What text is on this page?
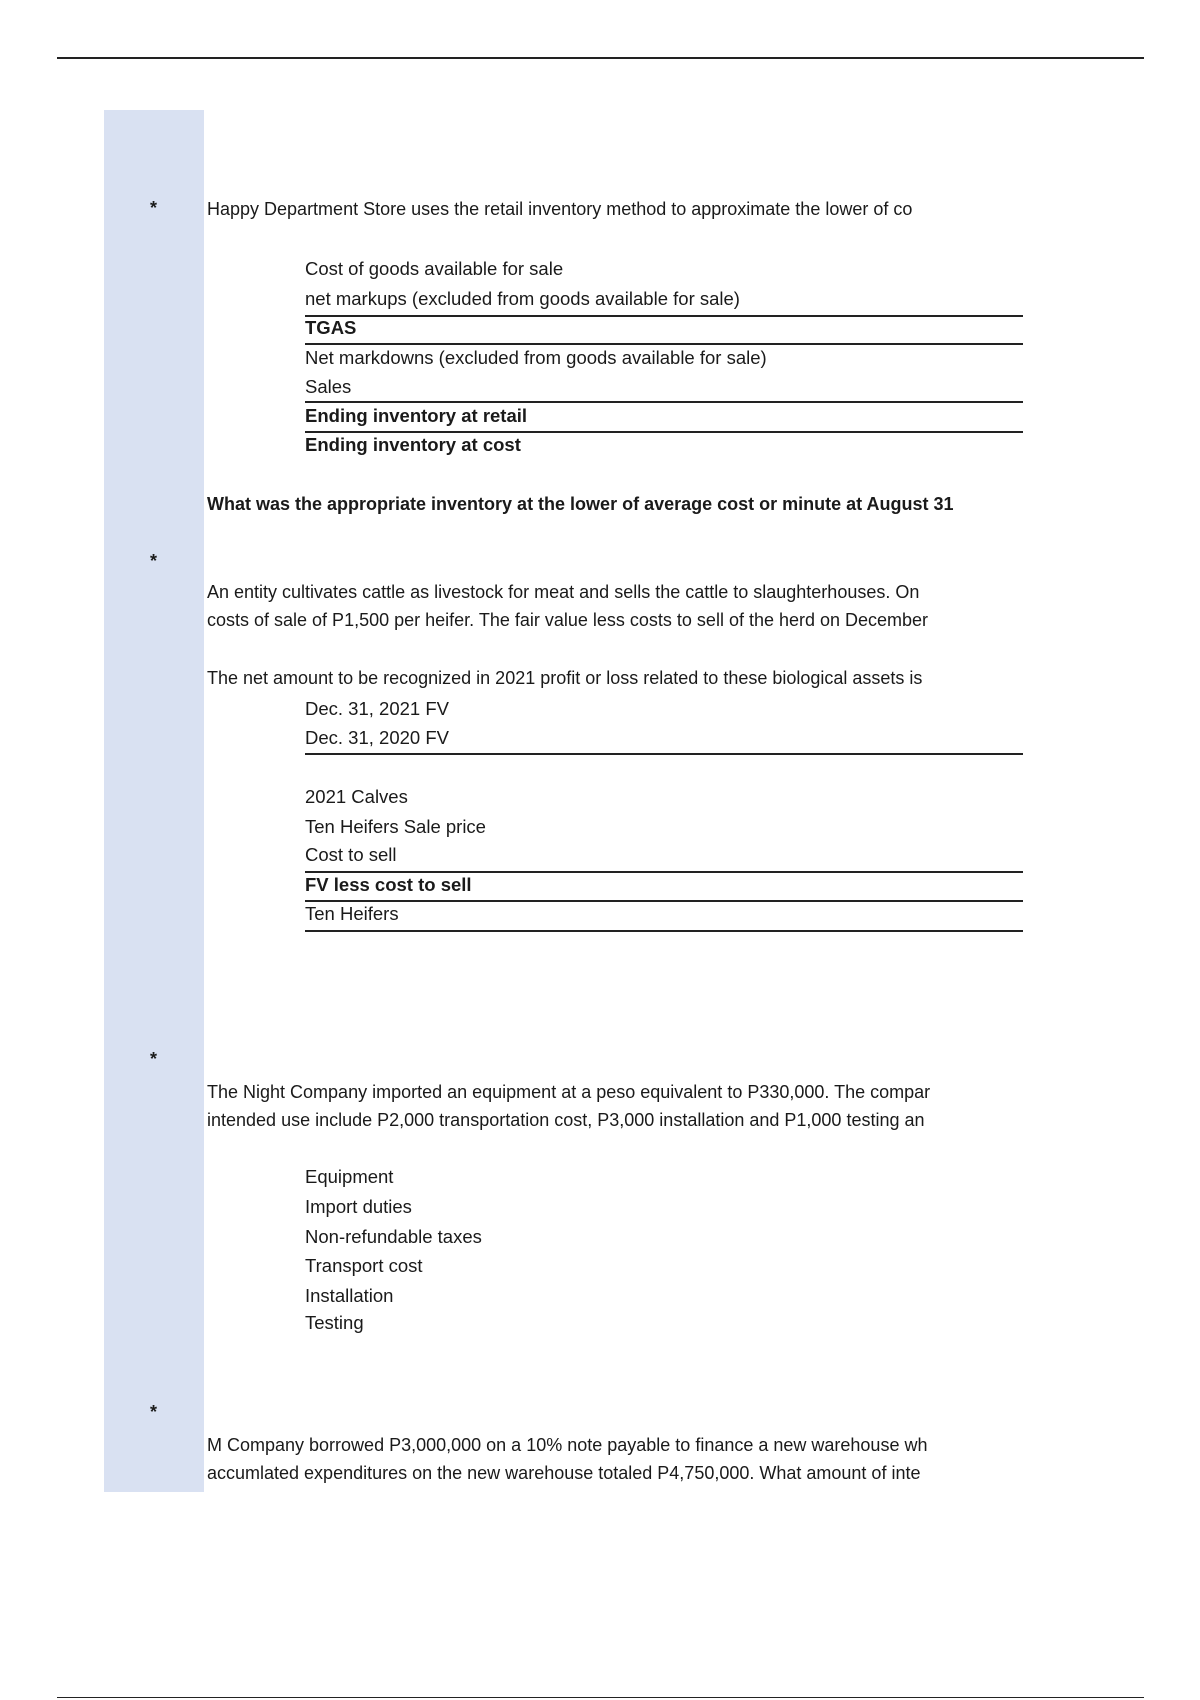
*	Happy Department Store uses the retail inventory method to approximate the lower of co
Cost of goods available for sale
net markups (excluded from goods available for sale)
TGAS
Net markdowns (excluded from goods available for sale)
Sales
Ending inventory at retail
Ending inventory at cost
What was the appropriate inventory at the lower of average cost or minute at August 31
*
An entity cultivates cattle as livestock for meat and sells the cattle to slaughterhouses. On
costs of sale of P1,500 per heifer. The fair value less costs to sell of the herd on December
The net amount to be recognized in 2021 profit or loss related to these biological assets is
Dec. 31, 2021 FV
Dec. 31, 2020 FV
2021 Calves
Ten Heifers Sale price
Cost to sell
FV less cost to sell
Ten Heifers
*
The Night Company imported an equipment at a peso equivalent to P330,000. The compar
intended use include P2,000 transportation cost, P3,000 installation and P1,000 testing an
Equipment
Import duties
Non-refundable taxes
Transport cost
Installation
Testing
*
M Company borrowed P3,000,000 on a 10% note payable to finance a new warehouse wh
accumlated expenditures on the new warehouse totaled P4,750,000. What amount of inte
